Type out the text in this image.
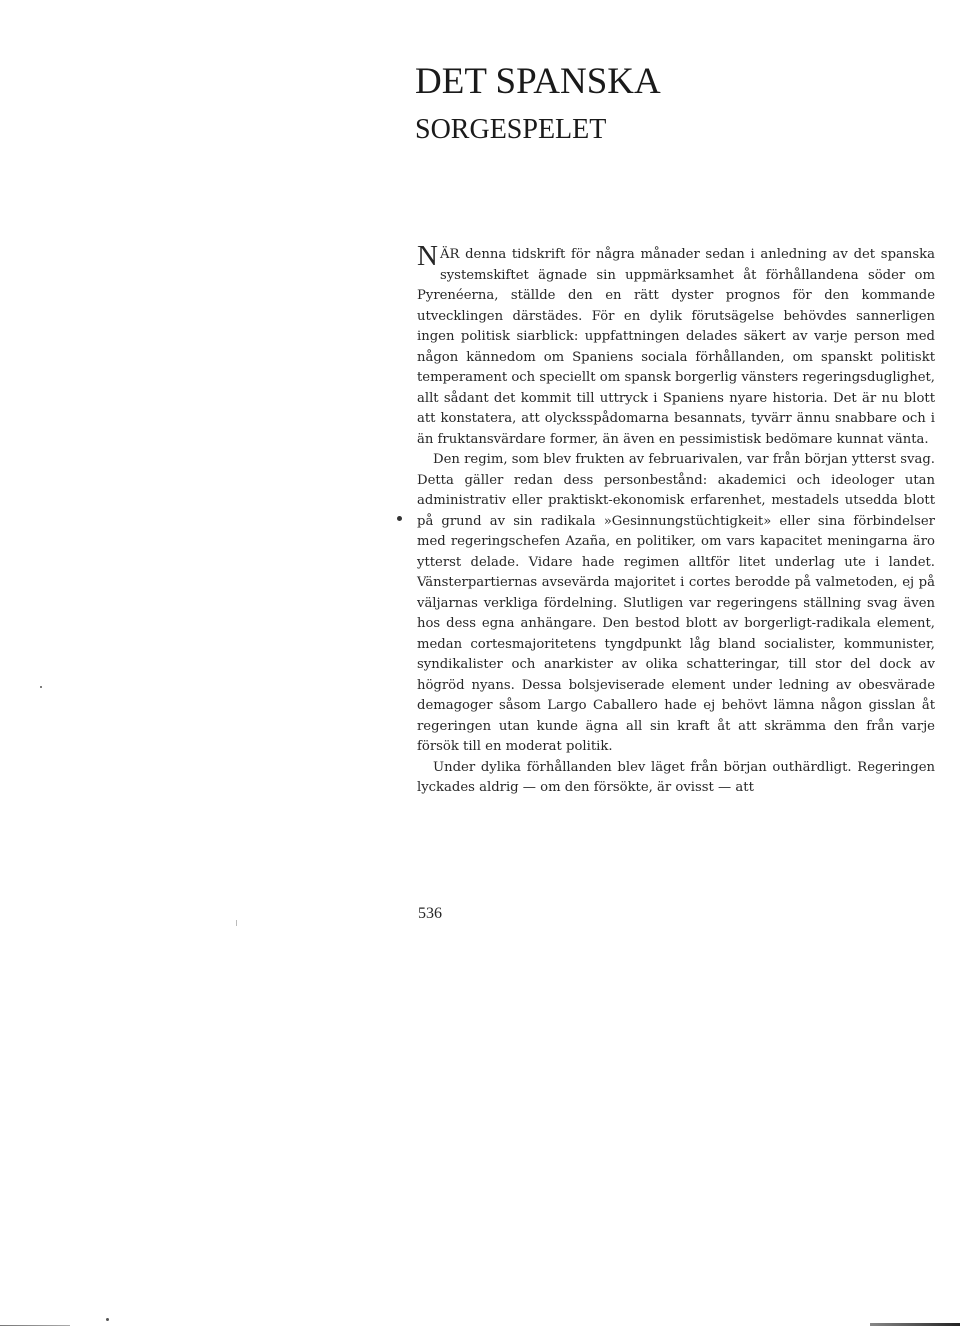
DET SPANSKA
SORGESPELET

NÄR denna tidskrift för några månader sedan i anledning av det spanska systemskiftet ägnade sin uppmärksamhet åt förhållandena söder om Pyrenéerna, ställde den en rätt dyster prognos för den kommande utvecklingen därstädes. För en dylik förutsägelse behövdes sannerligen ingen politisk siarblick: uppfattningen delades säkert av varje person med någon kännedom om Spaniens sociala förhållanden, om spanskt politiskt temperament och speciellt om spansk borgerlig vänsters regeringsduglighet, allt sådant det kommit till uttryck i Spaniens nyare historia. Det är nu blott att konstatera, att olycksspådomarna besannats, tyvärr ännu snabbare och i än fruktansvärdare former, än även en pessimistisk bedömare kunnat vänta.

Den regim, som blev frukten av februarivalen, var från början ytterst svag. Detta gäller redan dess personbestånd: akademici och ideologer utan administrativ eller praktiskt-ekonomisk erfarenhet, mestadels utsedda blott på grund av sin radikala »Gesinnungstüchtigkeit» eller sina förbindelser med regeringschefen Azaña, en politiker, om vars kapacitet meningarna äro ytterst delade. Vidare hade regimen alltför litet underlag ute i landet. Vänsterpartiernas avsevärda majoritet i cortes berodde på valmetoden, ej på väljarnas verkliga fördelning. Slutligen var regeringens ställning svag även hos dess egna anhängare. Den bestod blott av borgerligt-radikala element, medan cortesmajoritetens tyngdpunkt låg bland socialister, kommunister, syndikalister och anarkister av olika schatteringar, till stor del dock av högröd nyans. Dessa bolsjeviserade element under ledning av obesvärade demagoger såsom Largo Caballero hade ej behövt lämna någon gisslan åt regeringen utan kunde ägna all sin kraft åt att skrämma den från varje försök till en moderat politik.

Under dylika förhållanden blev läget från början outhärdligt. Regeringen lyckades aldrig — om den försökte, är ovisst — att

536
